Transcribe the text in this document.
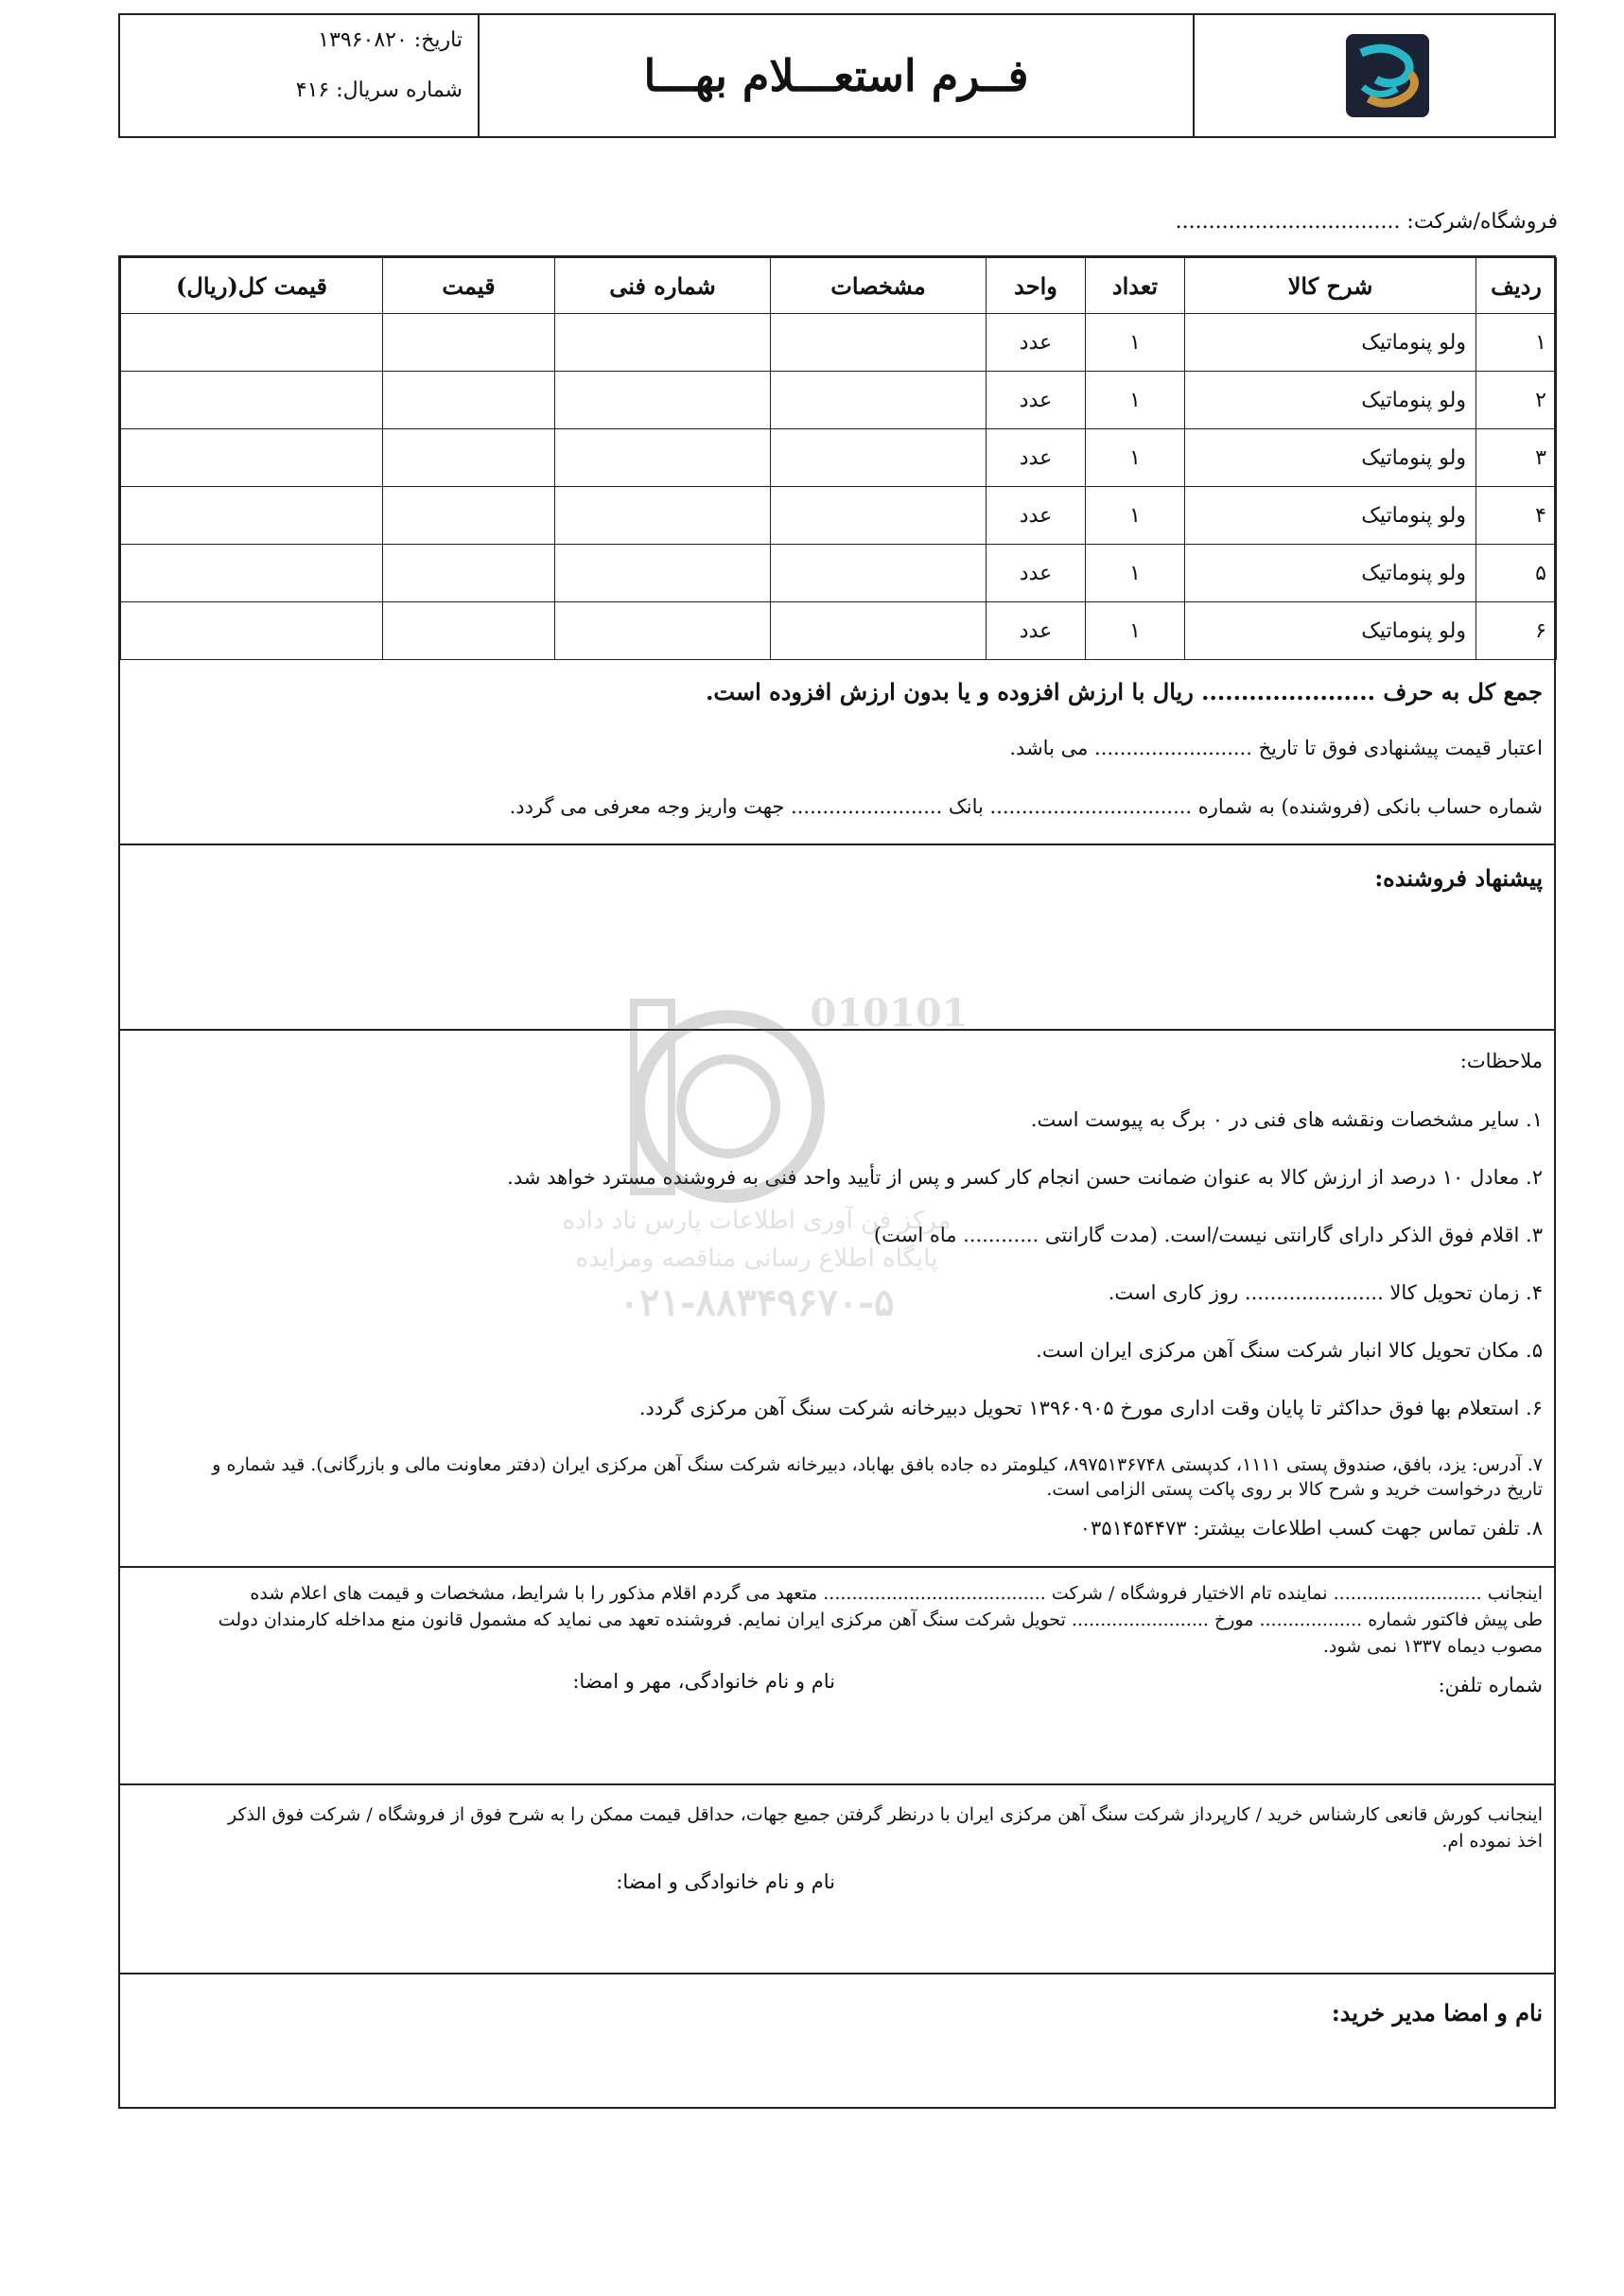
تاریخ: ۱۳۹۶۰۸۲۰
شماره سریال: ۴۱۶	فــرم استعـــلام بهـــا
فروشگاه/شرکت: ..................................
ردیف	شرح کالا	تعداد	واحد	مشخصات	شماره فنی	قیمت	قیمت کل(ریال)
۱	ولو پنوماتیک	۱	عدد				
۲	ولو پنوماتیک	۱	عدد				
۳	ولو پنوماتیک	۱	عدد				
۴	ولو پنوماتیک	۱	عدد				
۵	ولو پنوماتیک	۱	عدد				
۶	ولو پنوماتیک	۱	عدد				
جمع کل به حرف ...................... ریال با ارزش افزوده و یا بدون ارزش افزوده است.
اعتبار قیمت پیشنهادی فوق تا تاریخ ......................... می باشد.
شماره حساب بانکی (فروشنده) به شماره ................................ بانک ........................ جهت واریز وجه معرفی می گردد.
پیشنهاد فروشنده:
ملاحظات:
۱. سایر مشخصات ونقشه های فنی در ۰ برگ به پیوست است.
۲. معادل ۱۰ درصد از ارزش کالا به عنوان ضمانت حسن انجام کار کسر و پس از تأیید واحد فنی به فروشنده مسترد خواهد شد.
۳. اقلام فوق الذکر دارای گارانتی نیست/است. (مدت گارانتی ............ ماه است)
۴. زمان تحویل کالا ...................... روز کاری است.
۵. مکان تحویل کالا انبار شرکت سنگ آهن مرکزی ایران است.
۶. استعلام بها فوق حداکثر تا پایان وقت اداری مورخ ۱۳۹۶۰۹۰۵ تحویل دبیرخانه شرکت سنگ آهن مرکزی گردد.
۷. آدرس: یزد، بافق، صندوق پستی ۱۱۱۱، کدپستی ۸۹۷۵۱۳۶۷۴۸، کیلومتر ده جاده بافق بهاباد، دبیرخانه شرکت سنگ آهن مرکزی ایران (دفتر معاونت مالی و بازرگانی). قید شماره و
تاریخ درخواست خرید و شرح کالا بر روی پاکت پستی الزامی است.
۸. تلفن تماس جهت کسب اطلاعات بیشتر: ۰۳۵۱۴۵۴۴۷۳
اینجانب .......................... نماینده تام الاختیار فروشگاه / شرکت ....................................... متعهد می گردم اقلام مذکور را با شرایط، مشخصات و قیمت های اعلام شده
طی پیش فاکتور شماره .................. مورخ ........................ تحویل شرکت سنگ آهن مرکزی ایران نمایم. فروشنده تعهد می نماید که مشمول قانون منع مداخله کارمندان دولت
مصوب دیماه ۱۳۳۷ نمی شود.
شماره تلفن:
نام و نام خانوادگی، مهر و امضا:
اینجانب کورش قانعی کارشناس خرید / کارپرداز شرکت سنگ آهن مرکزی ایران با درنظر گرفتن جمیع جهات، حداقل قیمت ممکن را به شرح فوق از فروشگاه / شرکت فوق الذکر
اخذ نموده ام.
نام و نام خانوادگی و امضا:
نام و امضا مدیر خرید:
010101
مرکز فن آوری اطلاعات پارس ناد داده
پایگاه اطلاع رسانی مناقصه ومزایده
۰۲۱-۸۸۳۴۹۶۷۰-۵
